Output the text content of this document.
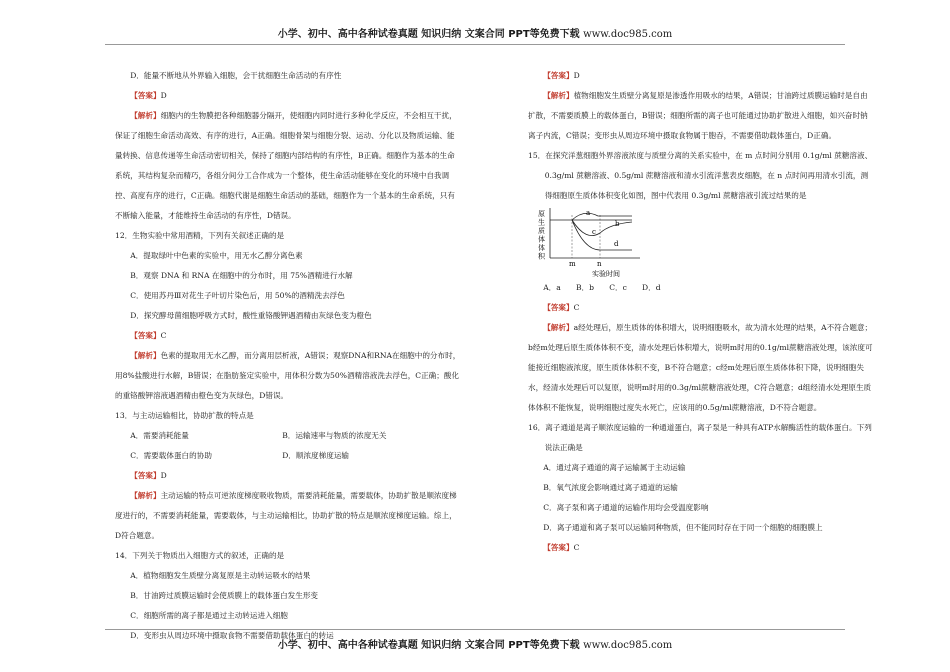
小学、初中、高中各种试卷真题 知识归纳 文案合同 PPT等免费下载 www.doc985.com

D．能量不断地从外界输入细胞，会干扰细胞生命活动的有序性

【答案】D

【解析】细胞内的生物膜把各种细胞器分隔开，使细胞内同时进行多种化学反应，不会相互干扰，保证了细胞生命活动高效、有序的进行，A正确。细胞骨架与细胞分裂、运动、分化以及物质运输、能量转换、信息传递等生命活动密切相关，保持了细胞内部结构的有序性，B正确。细胞作为基本的生命系统，其结构复杂而精巧，各组分间分工合作成为一个整体，使生命活动能够在变化的环境中自我调控、高度有序的进行，C正确。细胞代谢是细胞生命活动的基础，细胞作为一个基本的生命系统，只有不断输入能量，才能维持生命活动的有序性，D错误。

12．生物实验中常用酒精，下列有关叙述正确的是

A．提取绿叶中色素的实验中，用无水乙醇分离色素

B．观察 DNA 和 RNA 在细胞中的分布时，用 75%酒精进行水解

C．使用苏丹Ⅲ对花生子叶切片染色后，用 50%的酒精洗去浮色

D．探究酵母菌细胞呼吸方式时，酸性重铬酸钾遇酒精由灰绿色变为橙色

【答案】C

【解析】色素的提取用无水乙醇，而分离用层析液，A错误；观察DNA和RNA在细胞中的分布时，用8%盐酸进行水解，B错误；在脂肪鉴定实验中，用体积分数为50%酒精溶液洗去浮色，C正确；酸化的重铬酸钾溶液遇酒精由橙色变为灰绿色，D错误。

13．与主动运输相比，协助扩散的特点是

A．需要消耗能量	B．运输速率与物质的浓度无关

C．需要载体蛋白的协助	D．顺浓度梯度运输

【答案】D

【解析】主动运输的特点可逆浓度梯度吸收物质，需要消耗能量，需要载体，协助扩散是顺浓度梯度进行的，不需要消耗能量，需要载体，与主动运输相比，协助扩散的特点是顺浓度梯度运输。综上，D符合题意。

14．下列关于物质出入细胞方式的叙述，正确的是

A．植物细胞发生质壁分离复原是主动转运吸水的结果

B．甘油跨过质膜运输时会使质膜上的载体蛋白发生形变

C．细胞所需的离子都是通过主动转运进入细胞

D．变形虫从周边环境中摄取食物不需要借助载体蛋白的转运

【答案】D

【解析】植物细胞发生质壁分离复原是渗透作用吸水的结果，A错误；甘油跨过质膜运输时是自由扩散，不需要质膜上的载体蛋白，B错误；细胞所需的离子也可能通过协助扩散进入细胞，如兴奋时钠离子内流，C错误；变形虫从周边环境中摄取食物属于胞吞，不需要借助载体蛋白，D正确。

15．在探究洋葱细胞外界溶液浓度与质壁分离的关系实验中，在 m 点时间分别用 0.1g/ml 蔗糖溶液、0.3g/ml 蔗糖溶液、0.5g/ml 蔗糖溶液和清水引流洋葱表皮细胞，在 n 点时间再用清水引流，测得细胞原生质体体积变化如图，图中代表用 0.3g/ml 蔗糖溶液引流过结果的是

原 生 质 体 体 积
a
b
c
d
m	n
实验时间

A．a　　B．b　　C．c　　D．d

【答案】C

【解析】a经处理后，原生质体的体积增大，说明细胞吸水，故为清水处理的结果，A不符合题意；b经m处理后原生质体体积不变，清水处理后体积增大，说明m时用的0.1g/ml蔗糖溶液处理，该浓度可能接近细胞液浓度，原生质体体积不变，B不符合题意；c经m处理后原生质体体积下降，说明细胞失水，经清水处理后可以复原，说明m时用的0.3g/ml蔗糖溶液处理，C符合题意；d组经清水处理原生质体体积不能恢复，说明细胞过度失水死亡，应该用的0.5g/ml蔗糖溶液，D不符合题意。

16．离子通道是离子顺浓度运输的一种通道蛋白，离子泵是一种具有ATP水解酶活性的载体蛋白。下列说法正确是

A．通过离子通道的离子运输属于主动运输

B．氧气浓度会影响通过离子通道的运输

C．离子泵和离子通道的运输作用均会受温度影响

D．离子通道和离子泵可以运输同种物质，但不能同时存在于同一个细胞的细胞膜上

【答案】C

小学、初中、高中各种试卷真题 知识归纳 文案合同 PPT等免费下载 www.doc985.com
